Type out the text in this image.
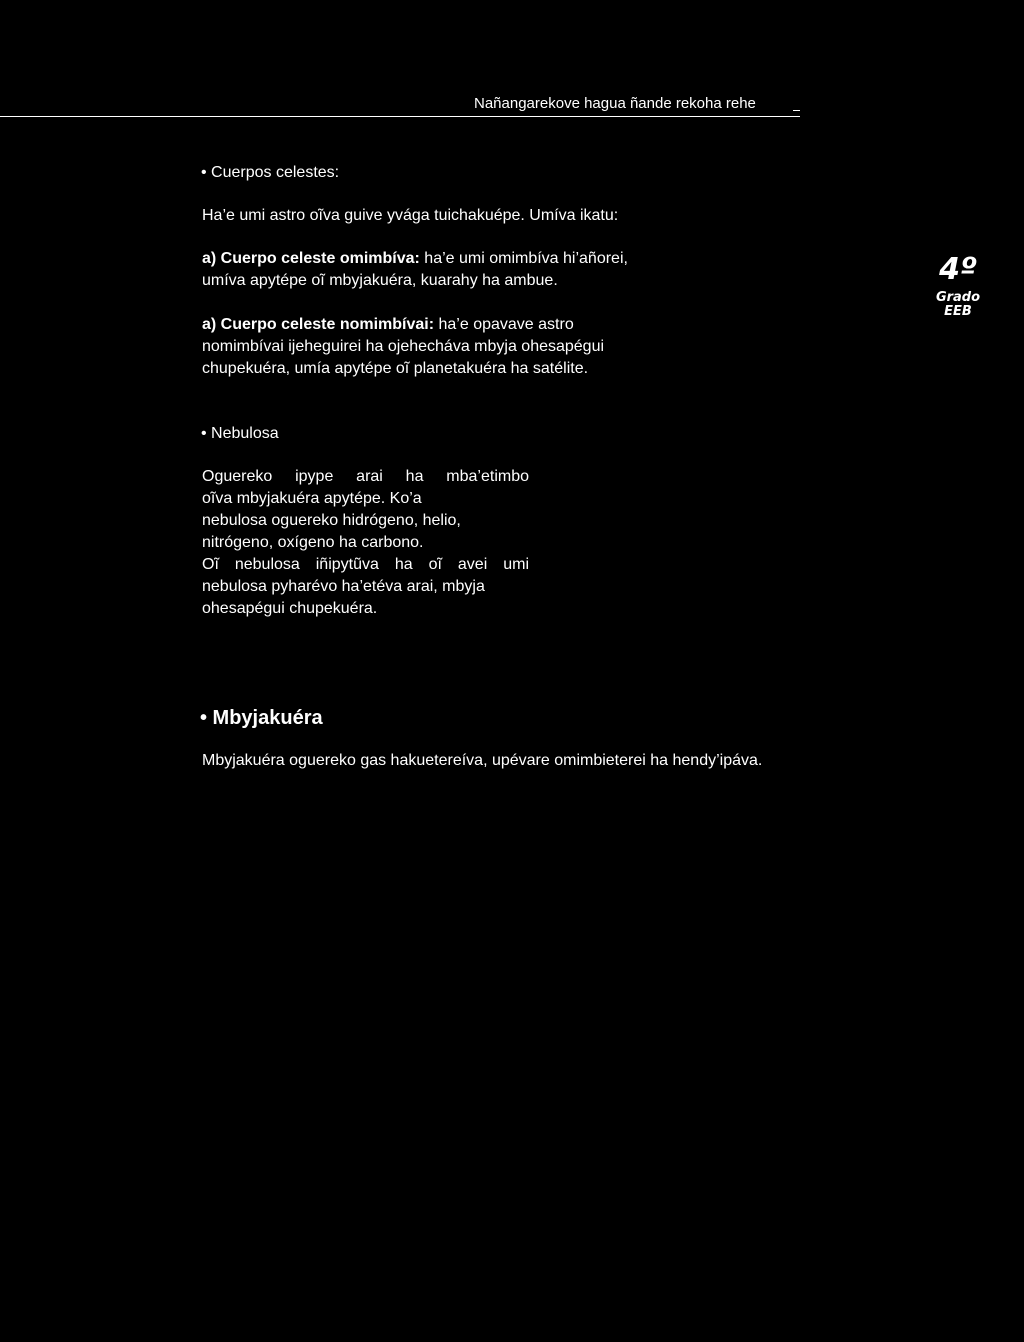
Nañangarekove hagua ñande rekoha rehe
4º
Grado
EEB
• Cuerpos celestes:
Ha’e umi astro oĩva guive yvága tuichakuépe. Umíva ikatu:
a) Cuerpo celeste omimbíva: ha’e umi omimbíva hi’añorei,
umíva apytépe oĩ mbyjakuéra, kuarahy ha ambue.
a) Cuerpo celeste nomimbívai: ha’e opavave astro
nomimbívai ijeheguirei ha ojehecháva mbyja ohesapégui
chupekuéra, umía apytépe oĩ planetakuéra ha satélite.
• Nebulosa
Oguereko ipype arai ha mba’etimbo
oĩva mbyjakuéra apytépe. Ko’a
nebulosa oguereko hidrógeno, helio,
nitrógeno, oxígeno ha carbono.
Oĩ nebulosa iñipytũva ha oĩ avei umi
nebulosa pyharévo ha’etéva arai, mbyja
ohesapégui chupekuéra.
• Mbyjakuéra
Mbyjakuéra oguereko gas hakuetereíva, upévare omimbieterei ha hendy’ipáva.
